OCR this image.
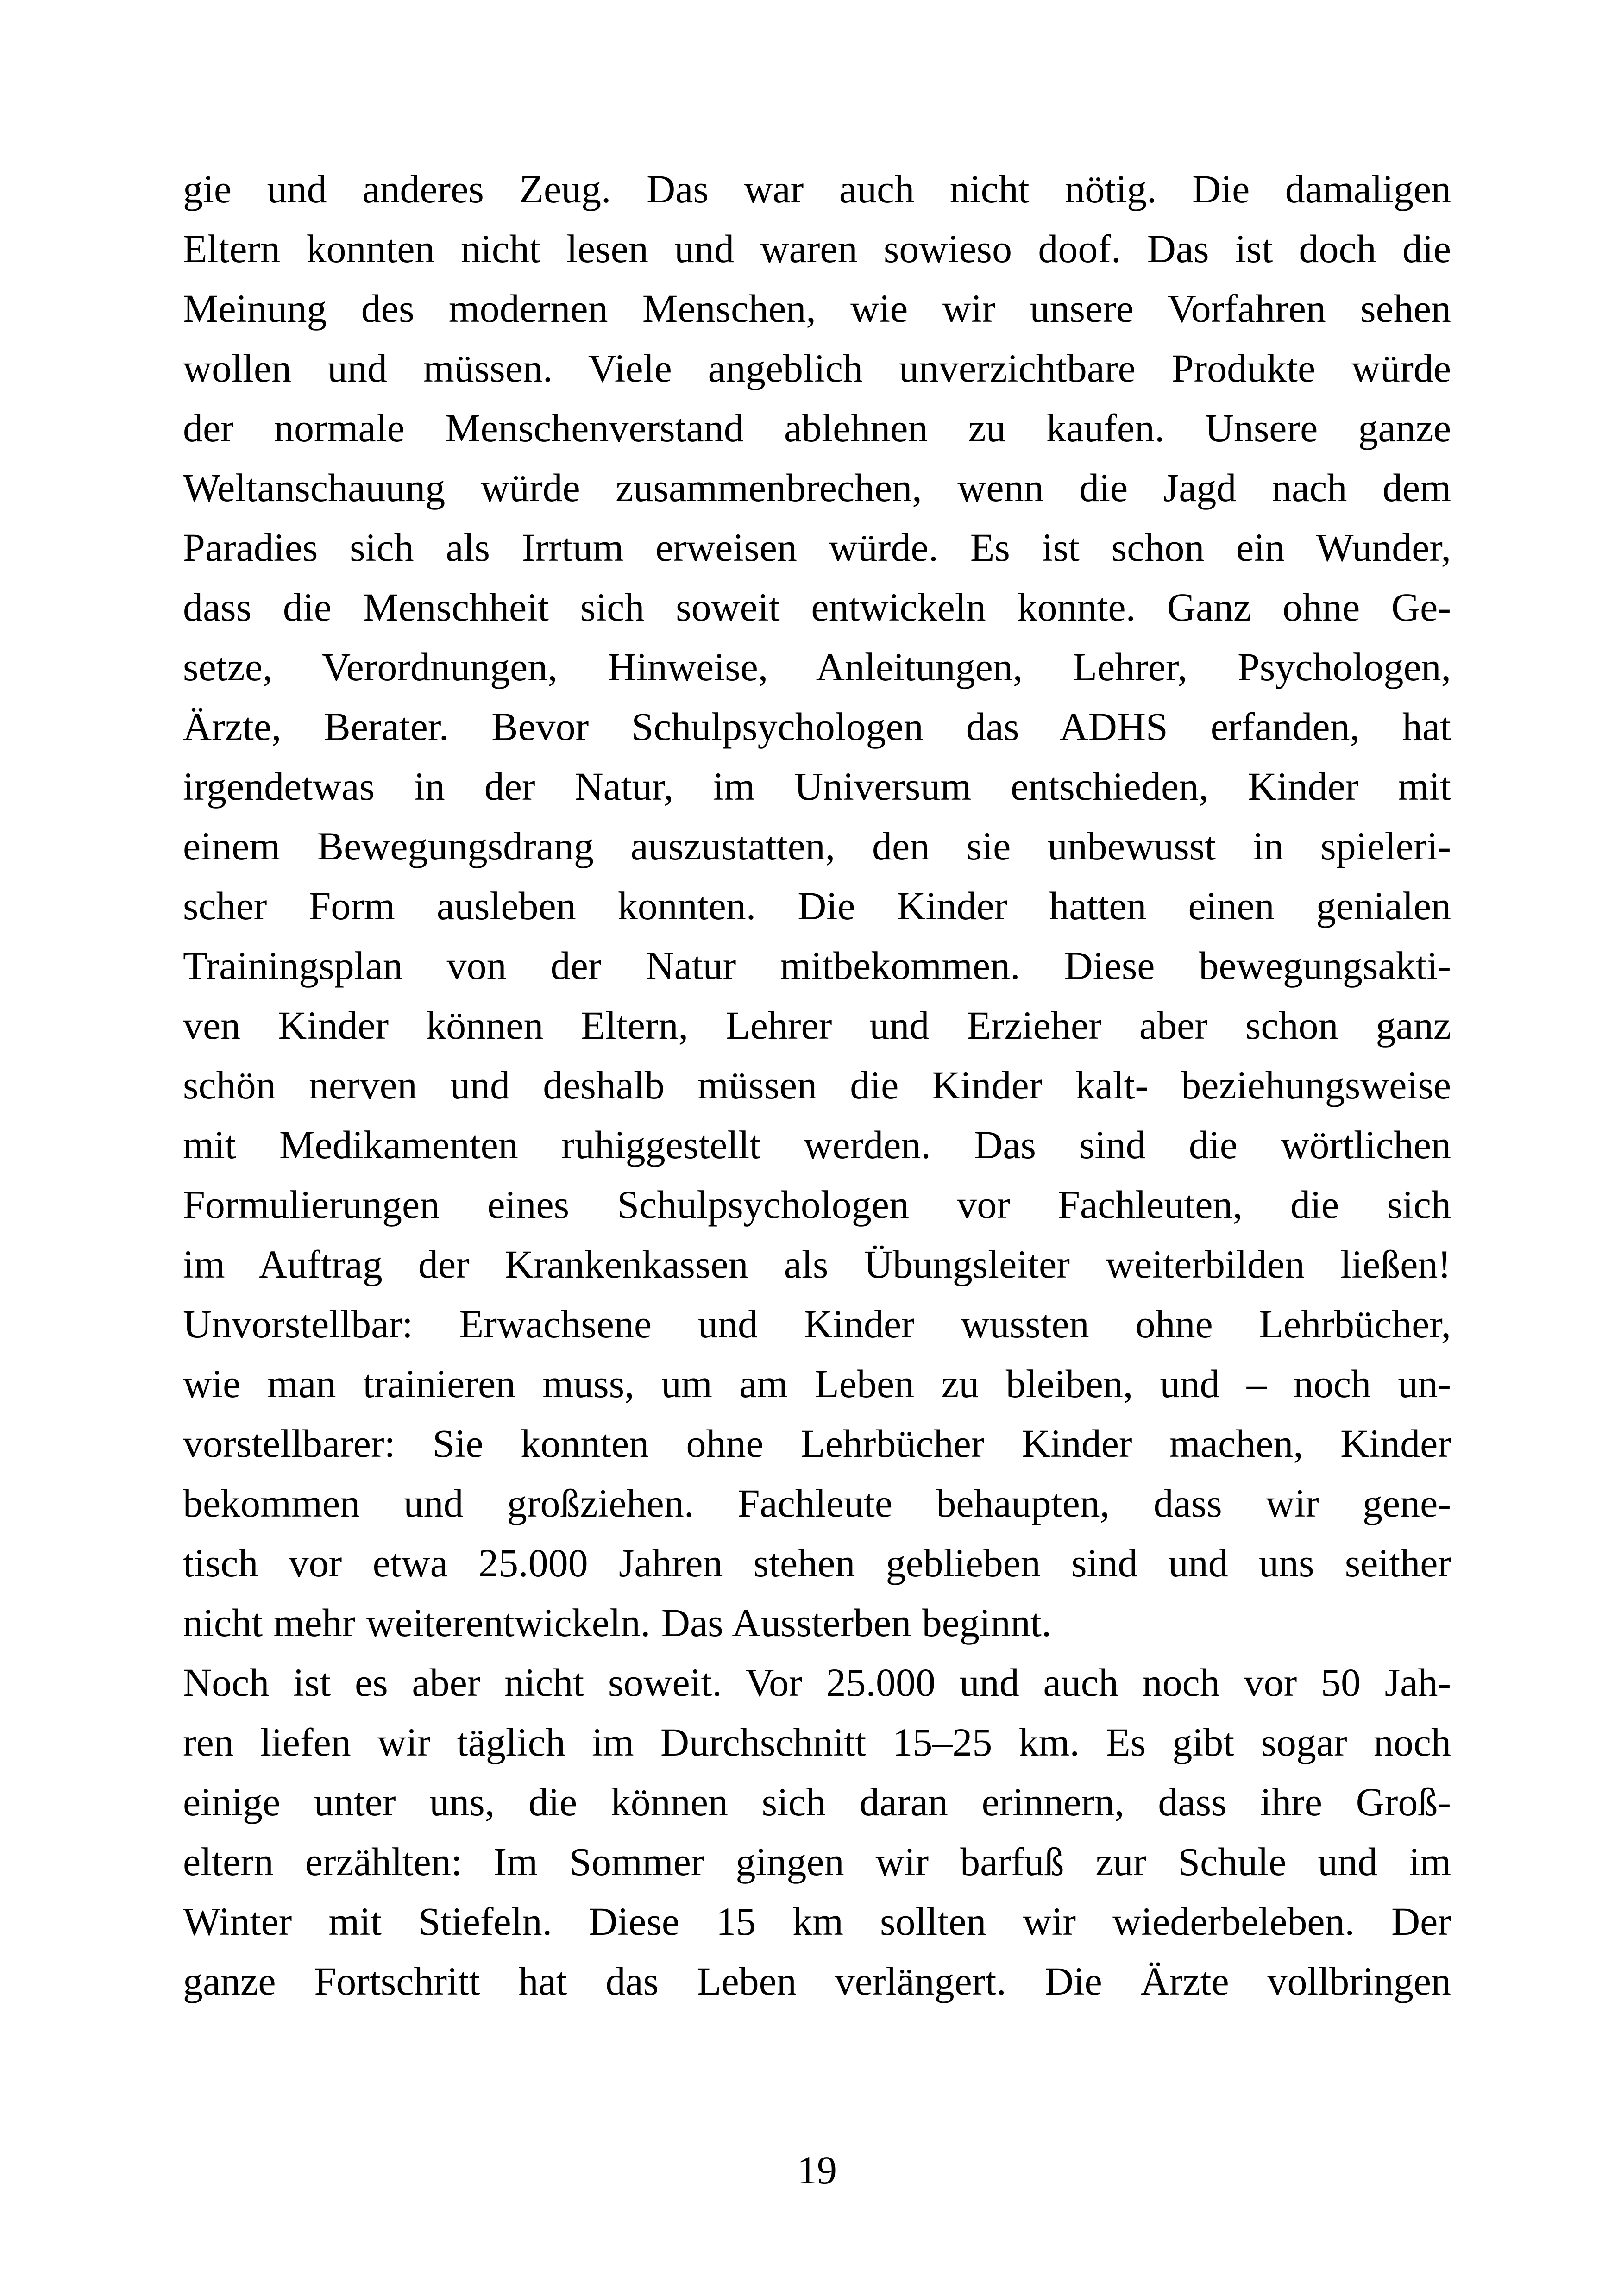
gie und anderes Zeug. Das war auch nicht nötig. Die damaligen
Eltern konnten nicht lesen und waren sowieso doof. Das ist doch die
Meinung des modernen Menschen, wie wir unsere Vorfahren sehen
wollen und müssen. Viele angeblich unverzichtbare Produkte würde
der normale Menschenverstand ablehnen zu kaufen. Unsere ganze
Weltanschauung würde zusammenbrechen, wenn die Jagd nach dem
Paradies sich als Irrtum erweisen würde. Es ist schon ein Wunder,
dass die Menschheit sich soweit entwickeln konnte. Ganz ohne Ge-
setze, Verordnungen, Hinweise, Anleitungen, Lehrer, Psychologen,
Ärzte, Berater. Bevor Schulpsychologen das ADHS erfanden, hat
irgendetwas in der Natur, im Universum entschieden, Kinder mit
einem Bewegungsdrang auszustatten, den sie unbewusst in spieleri-
scher Form ausleben konnten. Die Kinder hatten einen genialen
Trainingsplan von der Natur mitbekommen. Diese bewegungsakti-
ven Kinder können Eltern, Lehrer und Erzieher aber schon ganz
schön nerven und deshalb müssen die Kinder kalt- beziehungsweise
mit Medikamenten ruhiggestellt werden. Das sind die wörtlichen
Formulierungen eines Schulpsychologen vor Fachleuten, die sich
im Auftrag der Krankenkassen als Übungsleiter weiterbilden ließen!
Unvorstellbar: Erwachsene und Kinder wussten ohne Lehrbücher,
wie man trainieren muss, um am Leben zu bleiben, und – noch un-
vorstellbarer: Sie konnten ohne Lehrbücher Kinder machen, Kinder
bekommen und großziehen. Fachleute behaupten, dass wir gene-
tisch vor etwa 25.000 Jahren stehen geblieben sind und uns seither
nicht mehr weiterentwickeln. Das Aussterben beginnt.
Noch ist es aber nicht soweit. Vor 25.000 und auch noch vor 50 Jah-
ren liefen wir täglich im Durchschnitt 15–25 km. Es gibt sogar noch
einige unter uns, die können sich daran erinnern, dass ihre Groß-
eltern erzählten: Im Sommer gingen wir barfuß zur Schule und im
Winter mit Stiefeln. Diese 15 km sollten wir wiederbeleben. Der
ganze Fortschritt hat das Leben verlängert. Die Ärzte vollbringen
19
